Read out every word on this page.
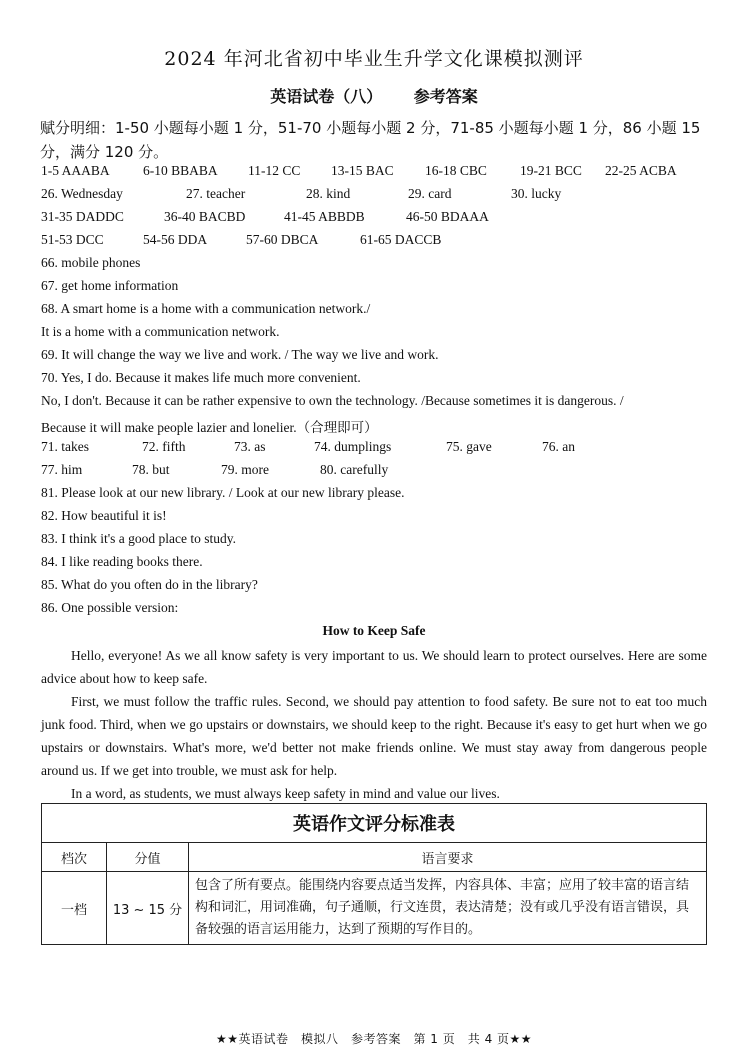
2024 年河北省初中毕业生升学文化课模拟测评
英语试卷（八） 参考答案
赋分明细：1-50 小题每小题 1 分，51-70 小题每小题 2 分，71-85 小题每小题 1 分，86 小题 15 分，满分 120 分。
1-5 AAABA 6-10 BBABA 11-12 CC 13-15 BAC 16-18 CBC 19-21 BCC 22-25 ACBA
26. Wednesday	27. teacher	28. kind	29. card	30. lucky
31-35 DADDC	36-40 BACBD	41-45 ABBDB	46-50 BDAAA
51-53 DCC	54-56 DDA	57-60 DBCA	61-65 DACCB
66. mobile phones
67. get home information
68. A smart home is a home with a communication network./
It is a home with a communication network.
69. It will change the way we live and work. / The way we live and work.
70. Yes, I do. Because it makes life much more convenient.
No, I don't. Because it can be rather expensive to own the technology. /Because sometimes it is dangerous. /
Because it will make people lazier and lonelier.（合理即可）
71. takes	72. fifth	73. as	74. dumplings	75. gave	76. an
77. him	78. but	79. more	80. carefully
81. Please look at our new library. / Look at our new library please.
82. How beautiful it is!
83. I think it's a good place to study.
84. I like reading books there.
85. What do you often do in the library?
86. One possible version:
How to Keep Safe
Hello, everyone! As we all know safety is very important to us. We should learn to protect ourselves. Here are some advice about how to keep safe.
First, we must follow the traffic rules. Second, we should pay attention to food safety. Be sure not to eat too much junk food. Third, when we go upstairs or downstairs, we should keep to the right. Because it's easy to get hurt when we go upstairs or downstairs. What's more, we'd better not make friends online. We must stay away from dangerous people around us. If we get into trouble, we must ask for help.
In a word, as students, we must always keep safety in mind and value our lives.
英语作文评分标准表		
档次	分值	语言要求
一档	13 ~ 15 分	包含了所有要点。能围绕内容要点适当发挥，内容具体、丰富；应用了较丰富的语言结构和词汇，用词准确，句子通顺，行文连贯，表达清楚；没有或几乎没有语言错误，具备较强的语言运用能力，达到了预期的写作目的。
★★英语试卷　模拟八　参考答案　第 1 页　共 4 页★★
